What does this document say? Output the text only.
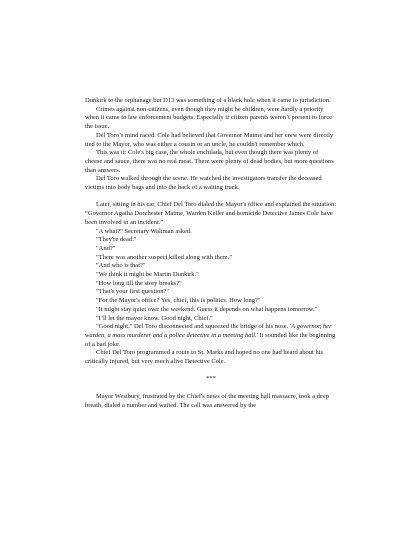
Dunkirk to the orphanage but D13 was something of a black hole when it came to jurisdiction.

Crimes against non-citizens, even though they might be children, were hardly a priority when it came to law enforcement budgets. Especially if citizen parents weren’t present to force the issue.

Del Toro’s mind raced. Cole had believed that Governor Maime and her crew were directly tied to the Mayor, who was either a cousin or an uncle, he couldn't remember which.

This was it: Cole's big case, the whole enchilada, but even though there was plenty of cheese and sauce, there was no real meat. There were plenty of dead bodies, but more questions than answers.

Del Toro walked through the scene. He watched the investigators transfer the deceased victims into body bags and into the back of a waiting truck.

Later, sitting in his car, Chief Del Toro dialed the Mayor's office and explained the situation: “Governor Agatha Dorchester Maime, Warden Keller and homicide Detective James Cole have been involved in an incident.”

"A what?" Secretary Waltman asked.

"They're dead."

"And?"

"There was another suspect killed along with them."

"And who is that?"

"We think it might be Martin Dunkirk."

"How long till the story breaks?"

"That's your first question?"

"For the Mayor's office? Yes, chief, this is politics. How long?"

"It might stay quiet over the weekend. Guess it depends on what happens tomorrow."

"I’ll let the mayor know. Good night, Chief."

"Good night." Del Toro disconnected and squeezed the bridge of his nose. 'A governor, her warden, a mass murderer and a police detective in a meeting hall.' It sounded like the beginning of a bad joke.

Chief Del Toro programmed a route to St. Marks and hoped no one had heard about his critically injured, but very much alive Detective Cole.

***

Mayor Westbury, frustrated by the Chief's news of the meeting hall massacre, took a deep breath, dialed a number and waited. The call was answered by the
